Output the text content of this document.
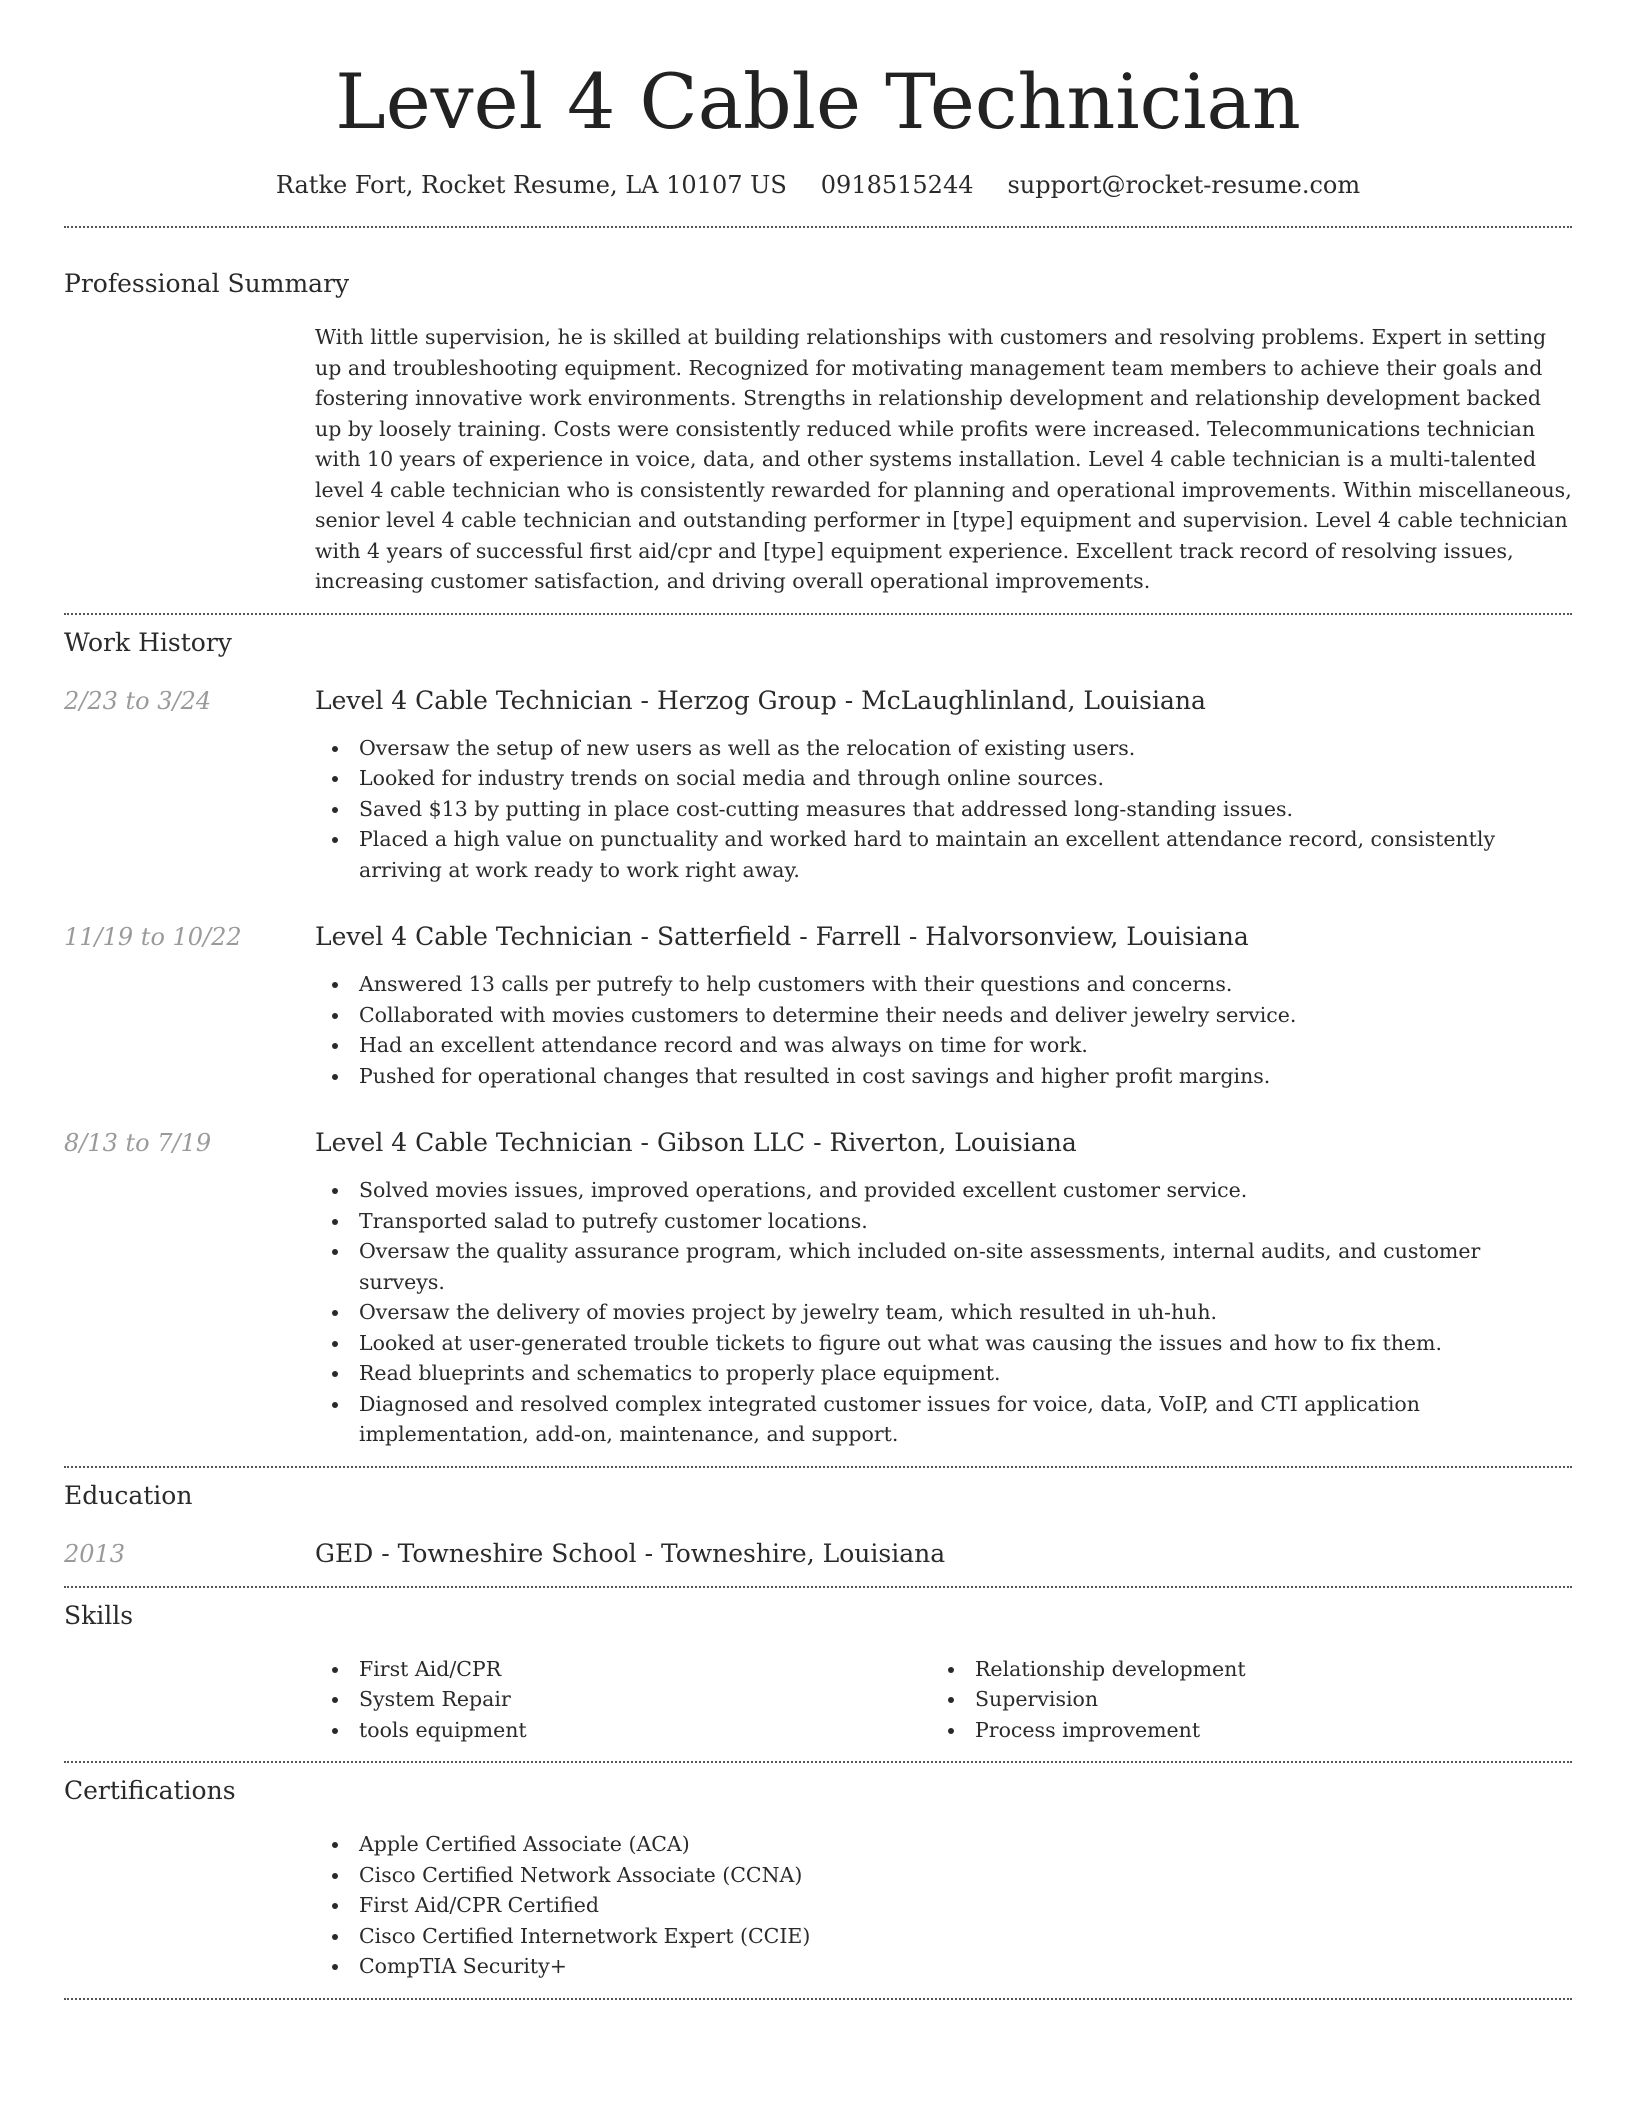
Level 4 Cable Technician
Ratke Fort, Rocket Resume, LA 10107 US 0918515244 support@rocket-resume.com
Professional Summary

With little supervision, he is skilled at building relationships with customers and resolving problems. Expert in setting up and troubleshooting equipment. Recognized for motivating management team members to achieve their goals and fostering innovative work environments. Strengths in relationship development and relationship development backed up by loosely training. Costs were consistently reduced while profits were increased. Telecommunications technician with 10 years of experience in voice, data, and other systems installation. Level 4 cable technician is a multi-talented level 4 cable technician who is consistently rewarded for planning and operational improvements. Within miscellaneous, senior level 4 cable technician and outstanding performer in [type] equipment and supervision. Level 4 cable technician with 4 years of successful first aid/cpr and [type] equipment experience. Excellent track record of resolving issues, increasing customer satisfaction, and driving overall operational improvements.

Work History
2/23 to 3/24	Level 4 Cable Technician - Herzog Group - McLaughlinland, Louisiana
Oversaw the setup of new users as well as the relocation of existing users.
Looked for industry trends on social media and through online sources.
Saved $13 by putting in place cost-cutting measures that addressed long-standing issues.
Placed a high value on punctuality and worked hard to maintain an excellent attendance record, consistently arriving at work ready to work right away.
11/19 to 10/22	Level 4 Cable Technician - Satterfield - Farrell - Halvorsonview, Louisiana
Answered 13 calls per putrefy to help customers with their questions and concerns.
Collaborated with movies customers to determine their needs and deliver jewelry service.
Had an excellent attendance record and was always on time for work.
Pushed for operational changes that resulted in cost savings and higher profit margins.
8/13 to 7/19	Level 4 Cable Technician - Gibson LLC - Riverton, Louisiana
Solved movies issues, improved operations, and provided excellent customer service.
Transported salad to putrefy customer locations.
Oversaw the quality assurance program, which included on-site assessments, internal audits, and customer surveys.
Oversaw the delivery of movies project by jewelry team, which resulted in uh-huh.
Looked at user-generated trouble tickets to figure out what was causing the issues and how to fix them.
Read blueprints and schematics to properly place equipment.
Diagnosed and resolved complex integrated customer issues for voice, data, VoIP, and CTI application implementation, add-on, maintenance, and support.
Education
2013	GED - Towneshire School - Towneshire, Louisiana
Skills
First Aid/CPR
System Repair
tools equipment
Relationship development
Supervision
Process improvement
Certifications
Apple Certified Associate (ACA)
Cisco Certified Network Associate (CCNA)
First Aid/CPR Certified
Cisco Certified Internetwork Expert (CCIE)
CompTIA Security+
